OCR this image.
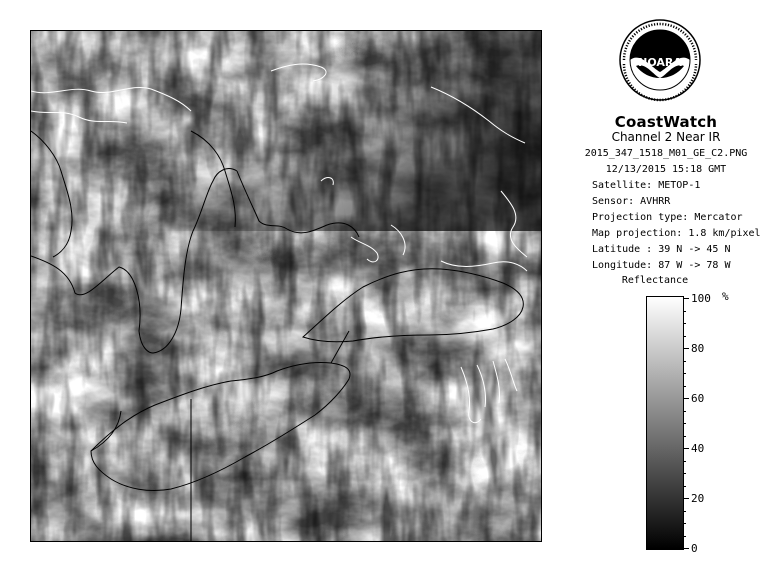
NOARA
CoastWatch
Channel 2 Near IR
2015_347_1518_M01_GE_C2.PNG
12/13/2015 15:18 GMT
Satellite: METOP-1
Sensor: AVHRR
Projection type: Mercator
Map projection: 1.8 km/pixel
Latitude : 39 N -> 45 N
Longitude: 87 W -> 78 W
Reflectance
%
100
80
60
40
20
0
